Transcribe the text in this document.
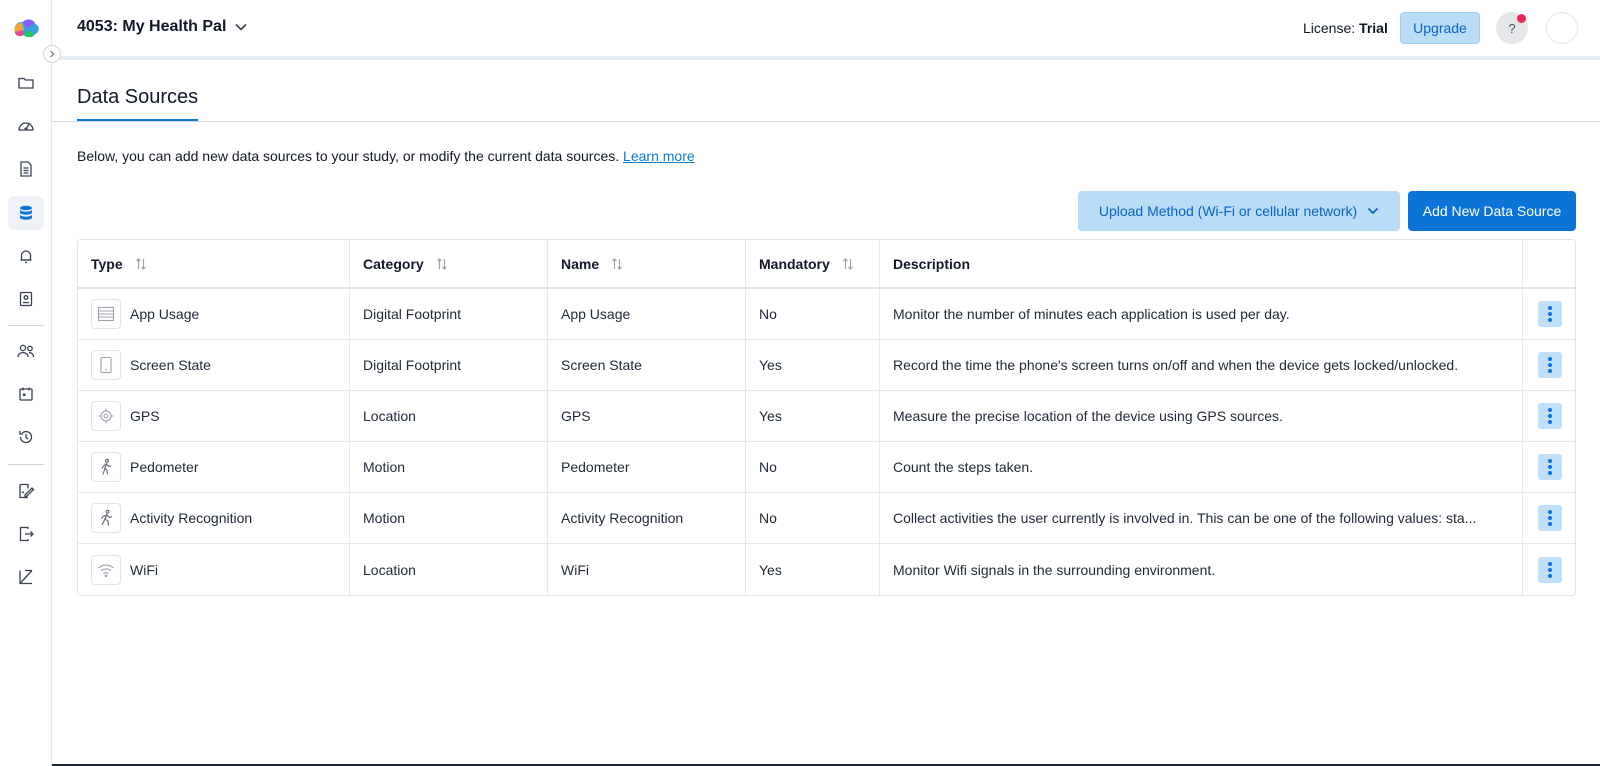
4053: My Health Pal	License: Trial	Upgrade	?
Data Sources
Below, you can add new data sources to your study, or modify the current data sources. Learn more
Upload Method (Wi-Fi or cellular network)	Add New Data Source
Type	Category	Name	Mandatory	Description
App Usage	Digital Footprint	App Usage	No	Monitor the number of minutes each application is used per day.
Screen State	Digital Footprint	Screen State	Yes	Record the time the phone's screen turns on/off and when the device gets locked/unlocked.
GPS	Location	GPS	Yes	Measure the precise location of the device using GPS sources.
Pedometer	Motion	Pedometer	No	Count the steps taken.
Activity Recognition	Motion	Activity Recognition	No	Collect activities the user currently is involved in. This can be one of the following values: sta...
WiFi	Location	WiFi	Yes	Monitor Wifi signals in the surrounding environment.
